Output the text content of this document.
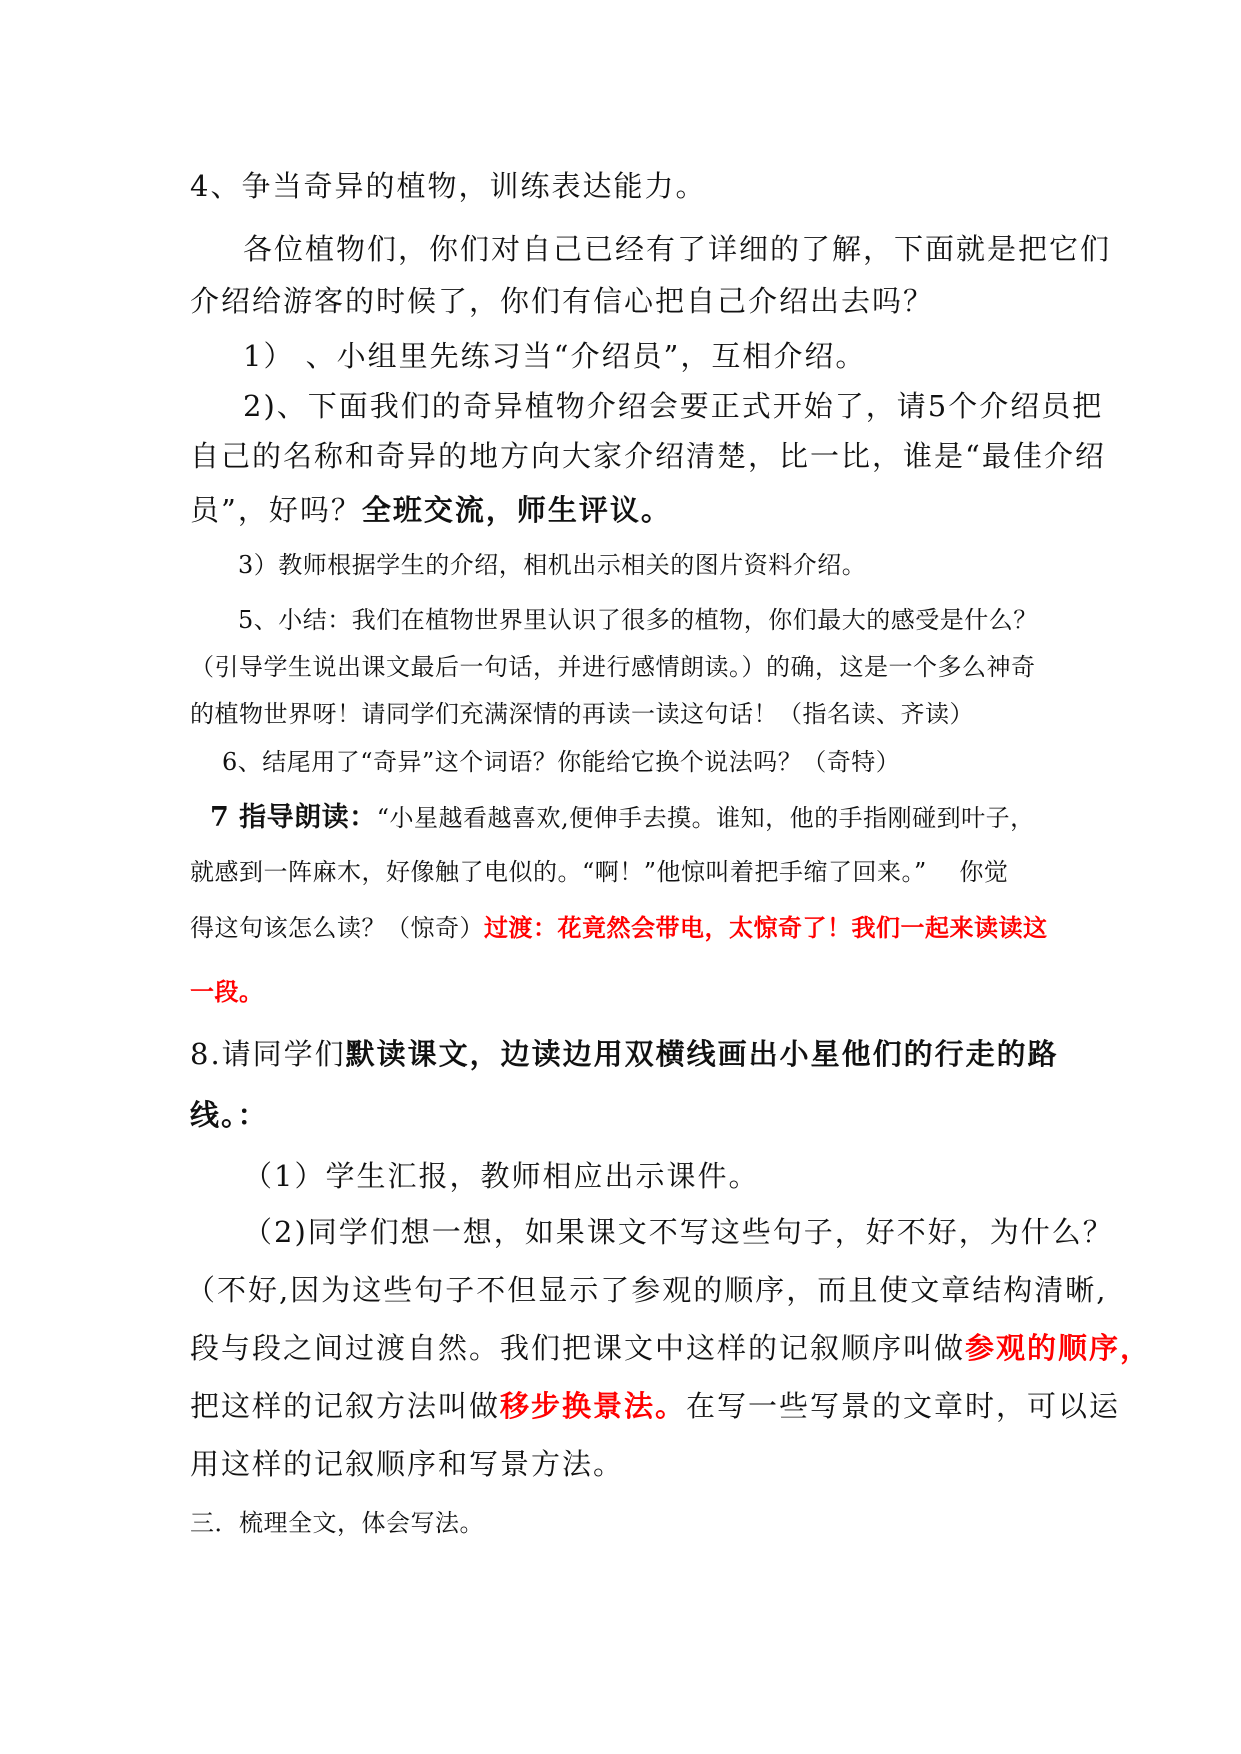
4、争当奇异的植物，训练表达能力。
各位植物们，你们对自己已经有了详细的了解，下面就是把它们
介绍给游客的时候了，你们有信心把自己介绍出去吗？
1） 、小组里先练习当“介绍员”，互相介绍。
2)、下面我们的奇异植物介绍会要正式开始了，请5个介绍员把
自己的名称和奇异的地方向大家介绍清楚，比一比，谁是“最佳介绍
员”，好吗？全班交流，师生评议。
3）教师根据学生的介绍，相机出示相关的图片资料介绍。
5、小结：我们在植物世界里认识了很多的植物，你们最大的感受是什么？
（引导学生说出课文最后一句话，并进行感情朗读。）的确，这是一个多么神奇
的植物世界呀！请同学们充满深情的再读一读这句话！（指名读、齐读）
6、结尾用了“奇异”这个词语？你能给它换个说法吗？（奇特）
7 指导朗读：“小星越看越喜欢,便伸手去摸。谁知，他的手指刚碰到叶子，
就感到一阵麻木，好像触了电似的。“啊！”他惊叫着把手缩了回来。”　 你觉
得这句该怎么读？（惊奇）过渡：花竟然会带电，太惊奇了！我们一起来读读这
一段。
8.请同学们默读课文，边读边用双横线画出小星他们的行走的路
线。：
（1）学生汇报，教师相应出示课件。
（2)同学们想一想，如果课文不写这些句子，好不好，为什么？
（不好,因为这些句子不但显示了参观的顺序，而且使文章结构清晰,
段与段之间过渡自然。我们把课文中这样的记叙顺序叫做参观的顺序，
把这样的记叙方法叫做移步换景法。在写一些写景的文章时，可以运
用这样的记叙顺序和写景方法。
三．梳理全文，体会写法。
